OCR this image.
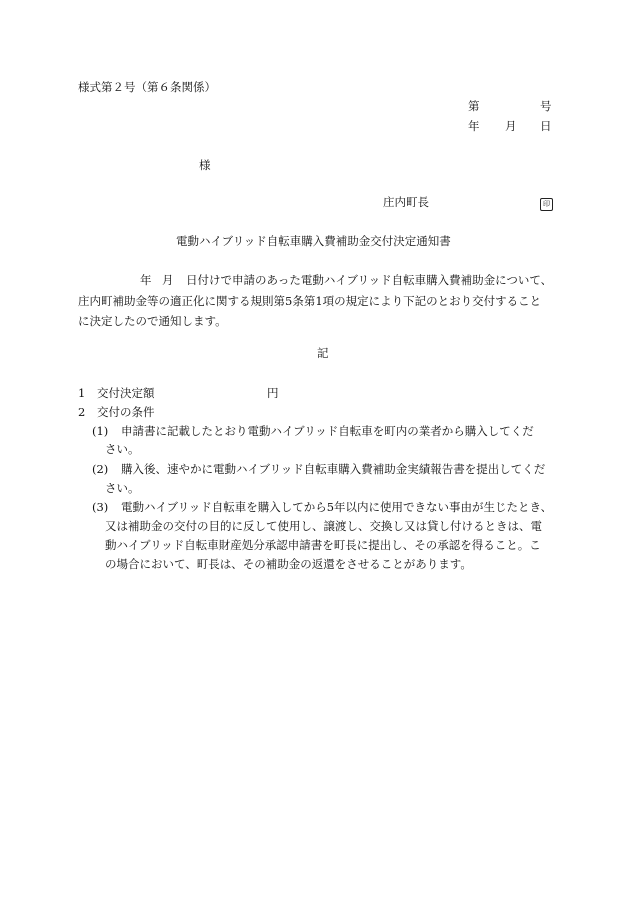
様式第２号（第６条関係）
第	号
年 月 日
様
庄内町長	印
電動ハイブリッド自転車購入費補助金交付決定通知書
年 月 日付けで申請のあった電動ハイブリッド自転車購入費補助金について、
庄内町補助金等の適正化に関する規則第5条第1項の規定により下記のとおり交付すること
に決定したので通知します。
記
1 交付決定額	円
2 交付の条件
(1) 申請書に記載したとおり電動ハイブリッド自転車を町内の業者から購入してくだ
さい。
(2) 購入後、速やかに電動ハイブリッド自転車購入費補助金実績報告書を提出してくだ
さい。
(3) 電動ハイブリッド自転車を購入してから5年以内に使用できない事由が生じたとき、
又は補助金の交付の目的に反して使用し、譲渡し、交換し又は貸し付けるときは、電
動ハイブリッド自転車財産処分承認申請書を町長に提出し、その承認を得ること。こ
の場合において、町長は、その補助金の返還をさせることがあります。
